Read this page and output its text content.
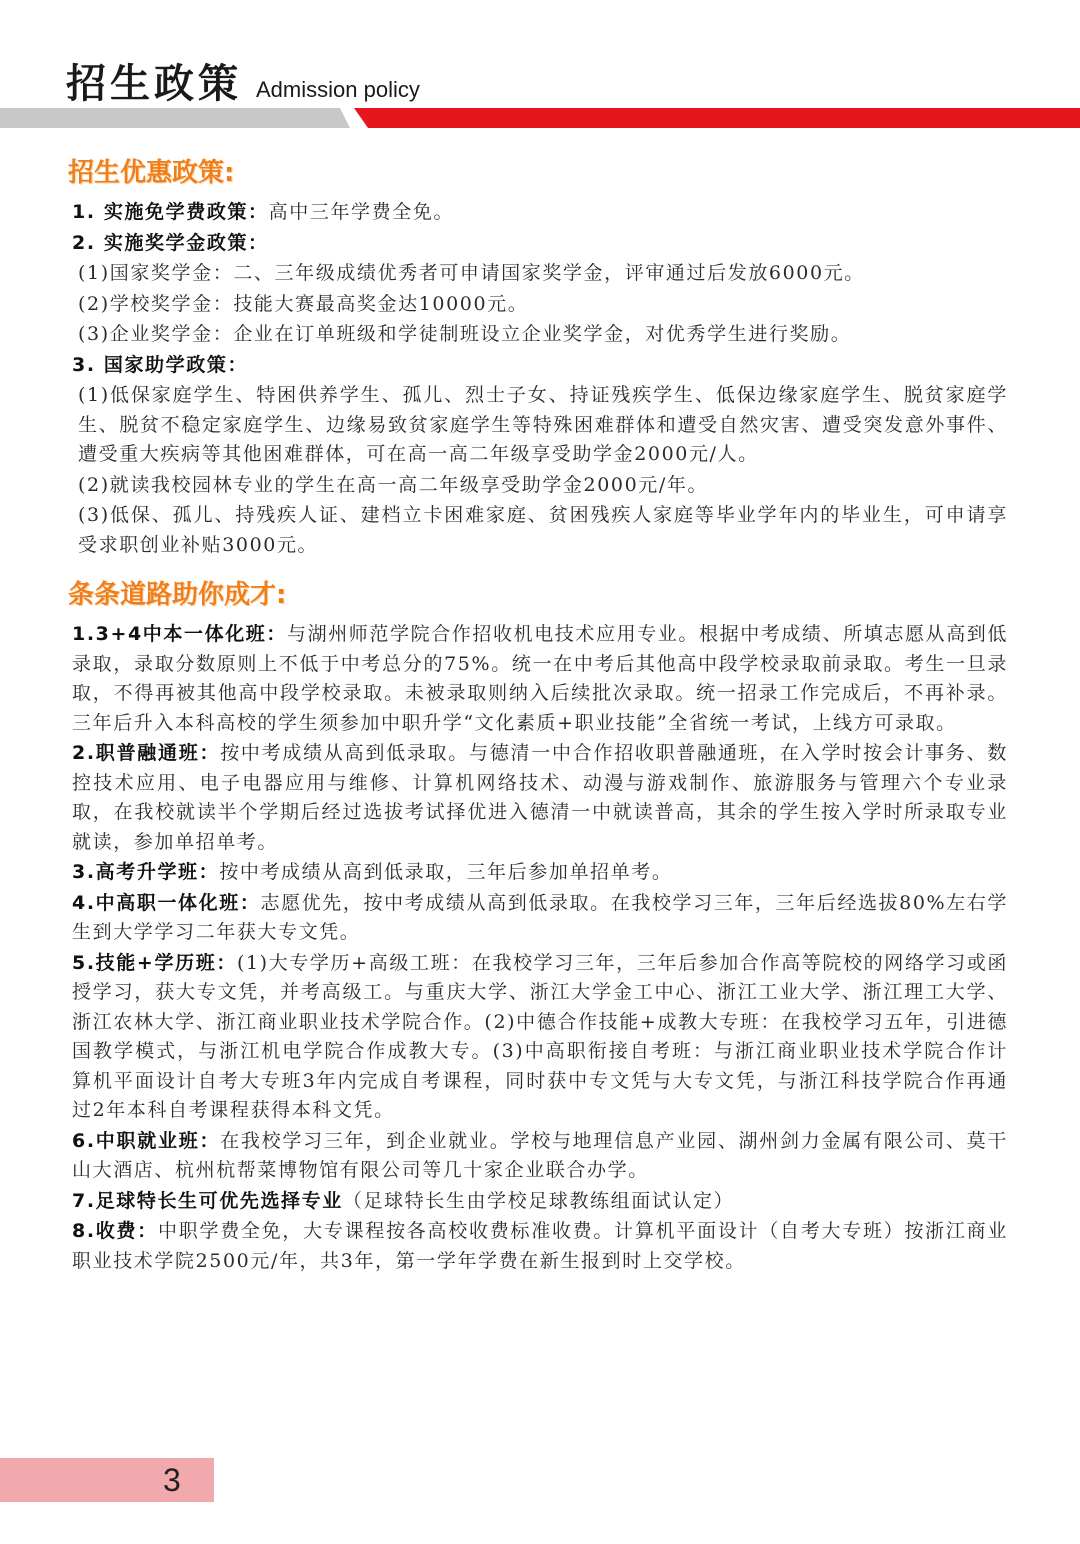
招生政策 Admission policy
招生优惠政策:

1. 实施免学费政策：高中三年学费全免。

2. 实施奖学金政策：

(1)国家奖学金：二、三年级成绩优秀者可申请国家奖学金，评审通过后发放6000元。

(2)学校奖学金：技能大赛最高奖金达10000元。

(3)企业奖学金：企业在订单班级和学徒制班设立企业奖学金，对优秀学生进行奖励。

3. 国家助学政策：

(1)低保家庭学生、特困供养学生、孤儿、烈士子女、持证残疾学生、低保边缘家庭学生、脱贫家庭学生、脱贫不稳定家庭学生、边缘易致贫家庭学生等特殊困难群体和遭受自然灾害、遭受突发意外事件、遭受重大疾病等其他困难群体，可在高一高二年级享受助学金2000元/人。

(2)就读我校园林专业的学生在高一高二年级享受助学金2000元/年。

(3)低保、孤儿、持残疾人证、建档立卡困难家庭、贫困残疾人家庭等毕业学年内的毕业生，可申请享受求职创业补贴3000元。

条条道路助你成才:

1.3+4中本一体化班：与湖州师范学院合作招收机电技术应用专业。根据中考成绩、所填志愿从高到低录取，录取分数原则上不低于中考总分的75%。统一在中考后其他高中段学校录取前录取。考生一旦录取，不得再被其他高中段学校录取。未被录取则纳入后续批次录取。统一招录工作完成后，不再补录。三年后升入本科高校的学生须参加中职升学“文化素质+职业技能”全省统一考试，上线方可录取。

2.职普融通班：按中考成绩从高到低录取。与德清一中合作招收职普融通班，在入学时按会计事务、数控技术应用、电子电器应用与维修、计算机网络技术、动漫与游戏制作、旅游服务与管理六个专业录取，在我校就读半个学期后经过选拔考试择优进入德清一中就读普高，其余的学生按入学时所录取专业就读，参加单招单考。

3.高考升学班：按中考成绩从高到低录取，三年后参加单招单考。

4.中高职一体化班：志愿优先，按中考成绩从高到低录取。在我校学习三年，三年后经选拔80%左右学生到大学学习二年获大专文凭。

5.技能+学历班：(1)大专学历+高级工班：在我校学习三年，三年后参加合作高等院校的网络学习或函授学习，获大专文凭，并考高级工。与重庆大学、浙江大学金工中心、浙江工业大学、浙江理工大学、浙江农林大学、浙江商业职业技术学院合作。(2)中德合作技能+成教大专班：在我校学习五年，引进德国教学模式，与浙江机电学院合作成教大专。(3)中高职衔接自考班：与浙江商业职业技术学院合作计算机平面设计自考大专班3年内完成自考课程，同时获中专文凭与大专文凭，与浙江科技学院合作再通过2年本科自考课程获得本科文凭。

6.中职就业班：在我校学习三年，到企业就业。学校与地理信息产业园、湖州剑力金属有限公司、莫干山大酒店、杭州杭帮菜博物馆有限公司等几十家企业联合办学。

7.足球特长生可优先选择专业（足球特长生由学校足球教练组面试认定）

8.收费：中职学费全免，大专课程按各高校收费标准收费。计算机平面设计（自考大专班）按浙江商业职业技术学院2500元/年，共3年，第一学年学费在新生报到时上交学校。

3
